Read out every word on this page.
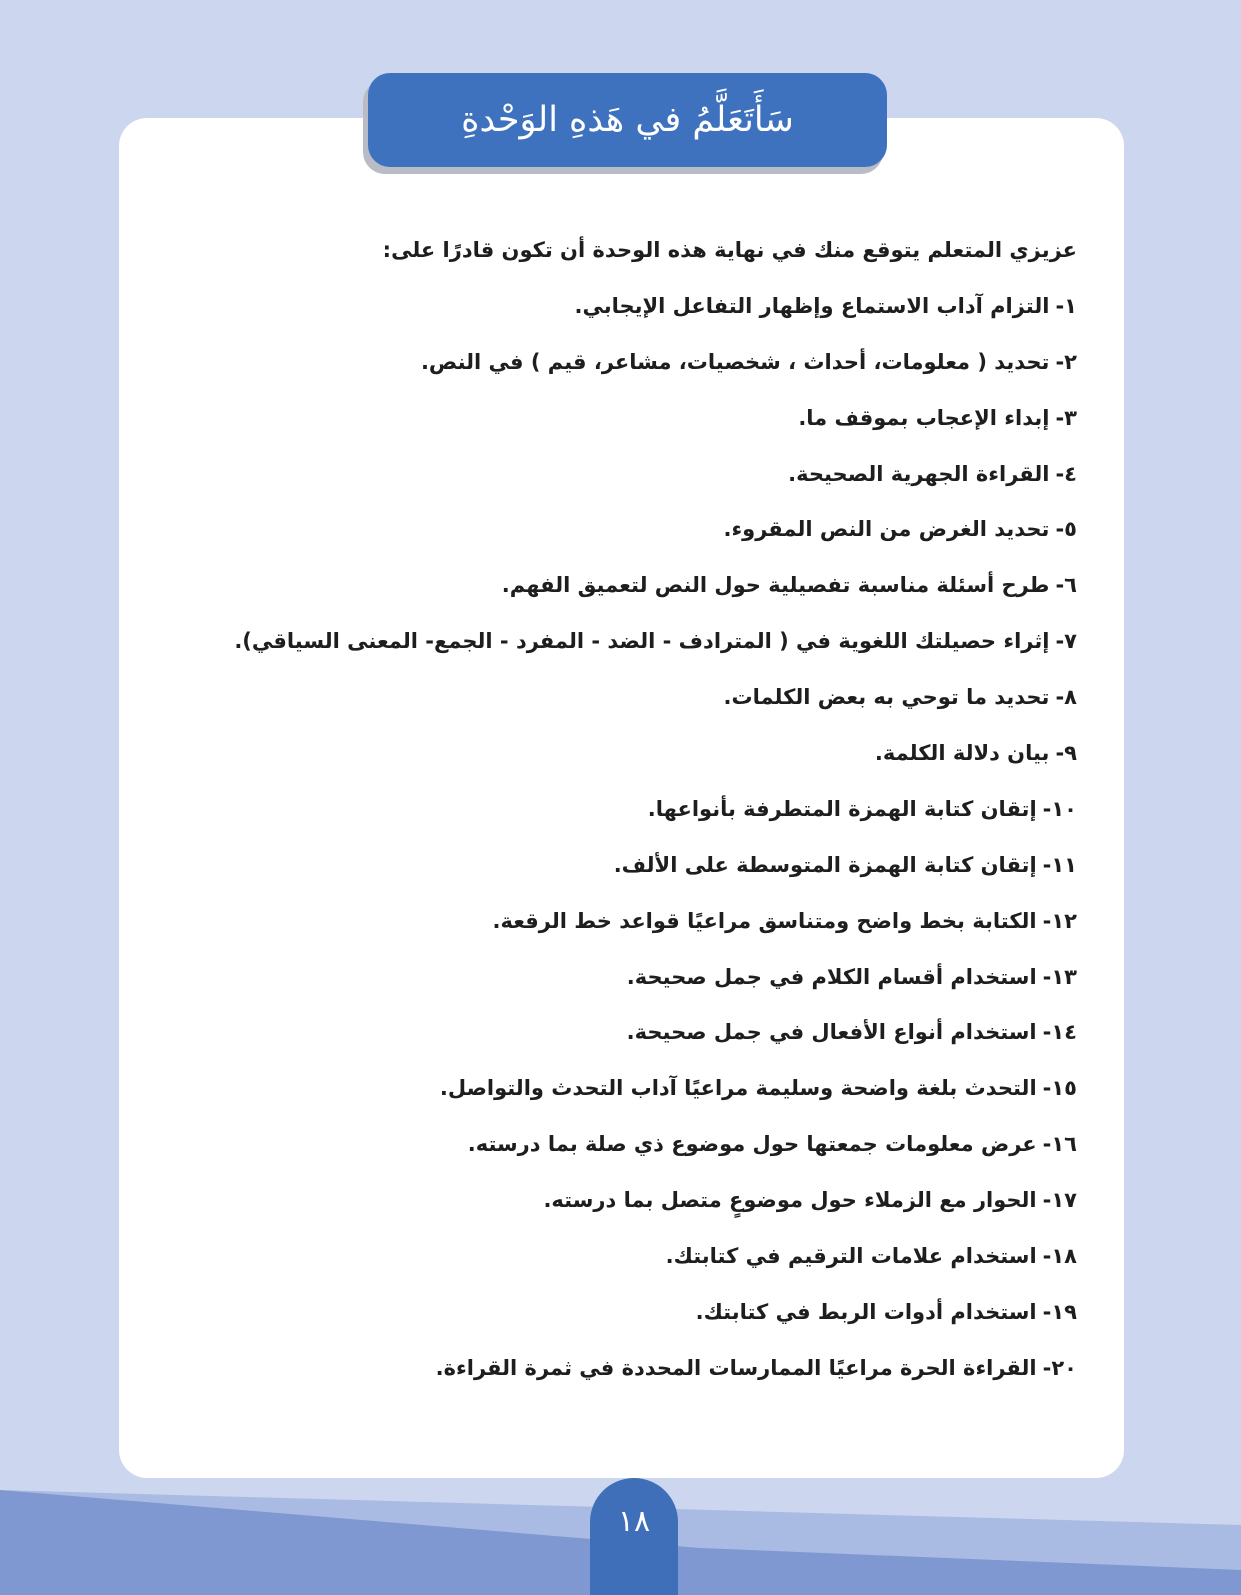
سَأَتَعَلَّمُ في هَذهِ الوَحْدةِ
عزيزي المتعلم يتوقع منك في نهاية هذه الوحدة أن تكون قادرًا على:
١-التزام آداب الاستماع وإظهار التفاعل الإيجابي.
٢-تحديد ( معلومات، أحداث ، شخصيات، مشاعر، قيم ) في النص.
٣-إبداء الإعجاب بموقف ما.
٤-القراءة الجهرية الصحيحة.
٥-تحديد الغرض من النص المقروء.
٦-طرح أسئلة مناسبة تفصيلية حول النص لتعميق الفهم.
٧-إثراء حصيلتك اللغوية في ( المترادف - الضد - المفرد - الجمع- المعنى السياقي).
٨-تحديد ما توحي به بعض الكلمات.
٩-بيان دلالة الكلمة.
١٠-إتقان كتابة الهمزة المتطرفة بأنواعها.
١١-إتقان كتابة الهمزة المتوسطة على الألف.
١٢-الكتابة بخط واضح ومتناسق مراعيًا قواعد خط الرقعة.
١٣-استخدام أقسام الكلام في جمل صحيحة.
١٤-استخدام أنواع الأفعال في جمل صحيحة.
١٥-التحدث بلغة واضحة وسليمة مراعيًا آداب التحدث والتواصل.
١٦-عرض معلومات جمعتها حول موضوع ذي صلة بما درسته.
١٧-الحوار مع الزملاء حول موضوعٍ متصل بما درسته.
١٨-استخدام علامات الترقيم في كتابتك.
١٩-استخدام أدوات الربط في كتابتك.
٢٠-القراءة الحرة مراعيًا الممارسات المحددة في ثمرة القراءة.
١٨
